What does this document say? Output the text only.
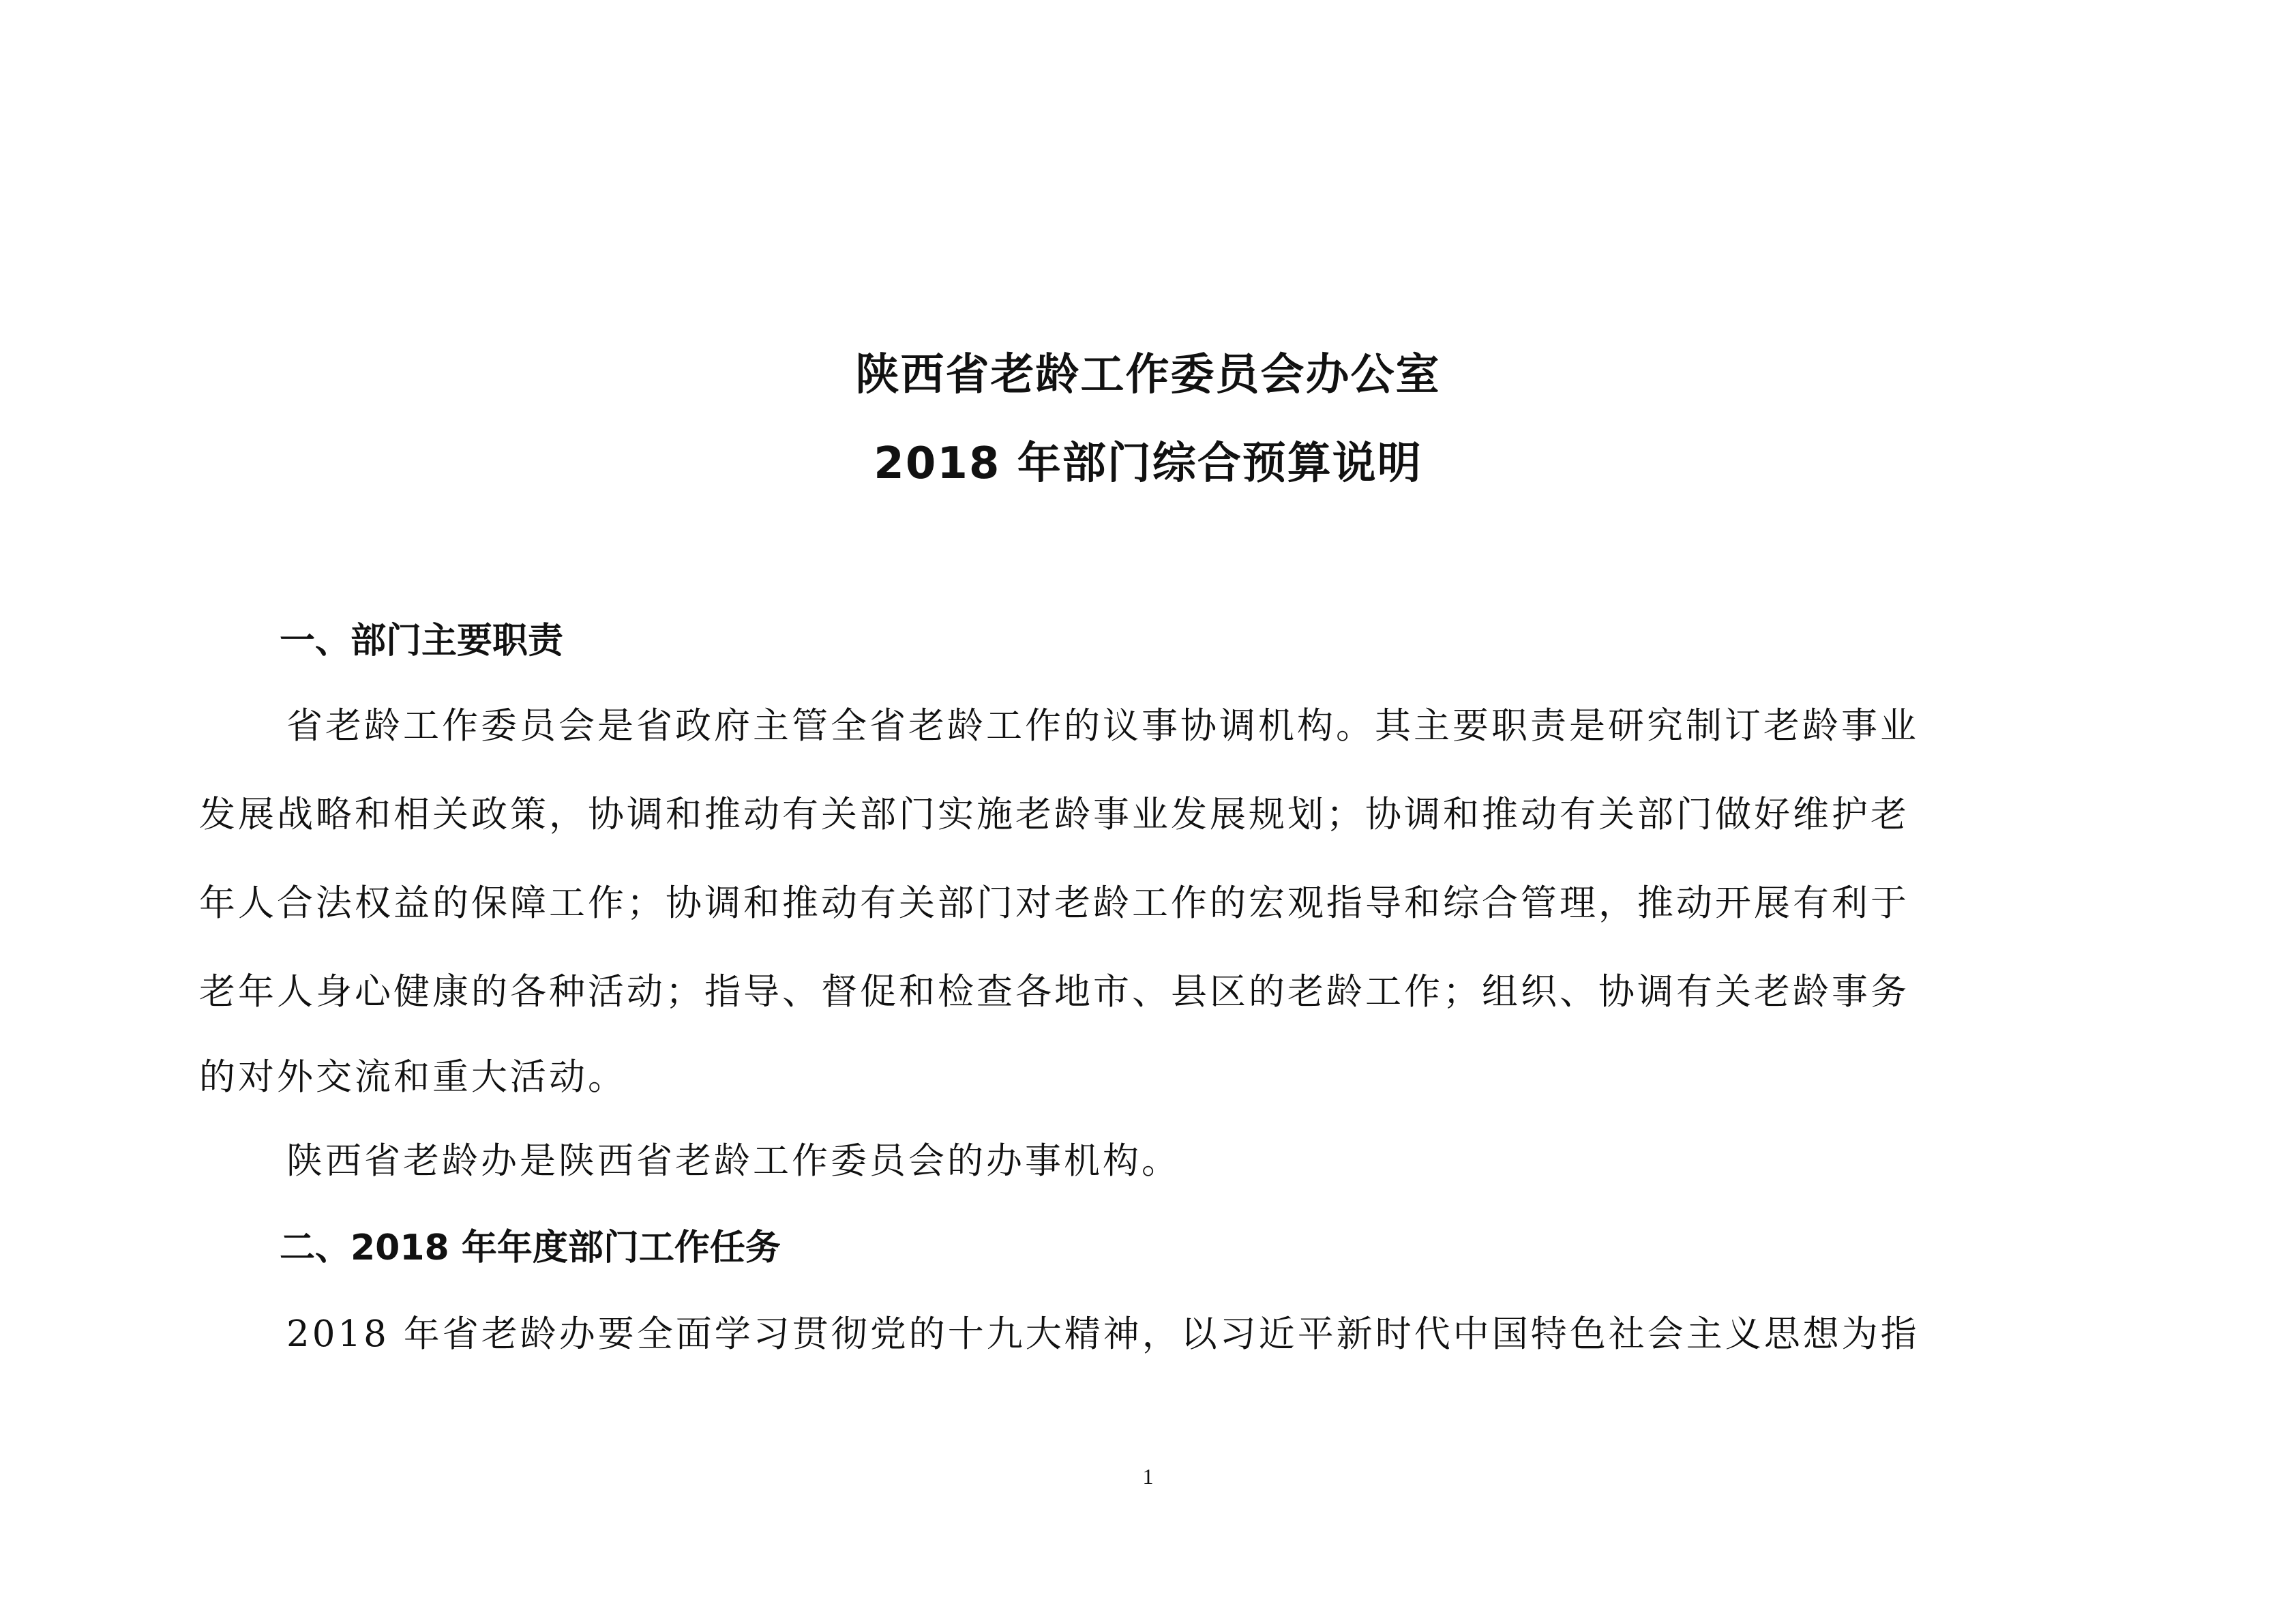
陕西省老龄工作委员会办公室
2018 年部门综合预算说明
一、部门主要职责
省老龄工作委员会是省政府主管全省老龄工作的议事协调机构。其主要职责是研究制订老龄事业
发展战略和相关政策，协调和推动有关部门实施老龄事业发展规划；协调和推动有关部门做好维护老
年人合法权益的保障工作；协调和推动有关部门对老龄工作的宏观指导和综合管理，推动开展有利于
老年人身心健康的各种活动；指导、督促和检查各地市、县区的老龄工作；组织、协调有关老龄事务
的对外交流和重大活动。
陕西省老龄办是陕西省老龄工作委员会的办事机构。
二、2018 年年度部门工作任务
2018 年省老龄办要全面学习贯彻党的十九大精神，以习近平新时代中国特色社会主义思想为指
1
